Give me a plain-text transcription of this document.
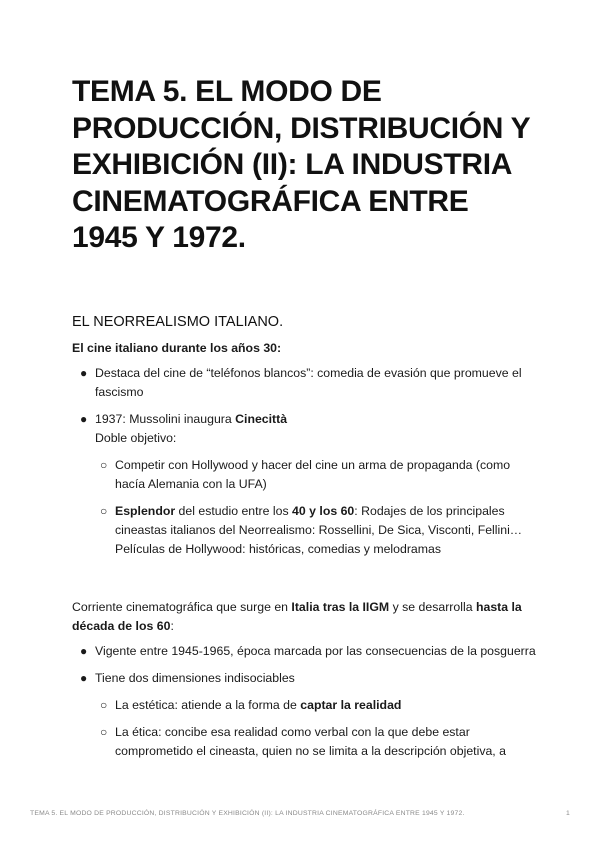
TEMA 5. EL MODO DE PRODUCCIÓN, DISTRIBUCIÓN Y EXHIBICIÓN (II): LA INDUSTRIA CINEMATOGRÁFICA ENTRE 1945 Y 1972.
EL NEORREALISMO ITALIANO.

El cine italiano durante los años 30:

● Destaca del cine de “teléfonos blancos”: comedia de evasión que promueve el fascismo
● 1937: Mussolini inaugura Cinecittà
Doble objetivo:
○ Competir con Hollywood y hacer del cine un arma de propaganda (como hacía Alemania con la UFA)
○ Esplendor del estudio entre los 40 y los 60: Rodajes de los principales cineastas italianos del Neorrealismo: Rossellini, De Sica, Visconti, Fellini…
Películas de Hollywood: históricas, comedias y melodramas

Corriente cinematográfica que surge en Italia tras la IIGM y se desarrolla hasta la década de los 60:

● Vigente entre 1945-1965, época marcada por las consecuencias de la posguerra
● Tiene dos dimensiones indisociables
○ La estética: atiende a la forma de captar la realidad
○ La ética: concibe esa realidad como verbal con la que debe estar comprometido el cineasta, quien no se limita a la descripción objetiva, a
TEMA 5. EL MODO DE PRODUCCIÓN, DISTRIBUCIÓN Y EXHIBICIÓN (II): LA INDUSTRIA CINEMATOGRÁFICA ENTRE 1945 Y 1972.	1
